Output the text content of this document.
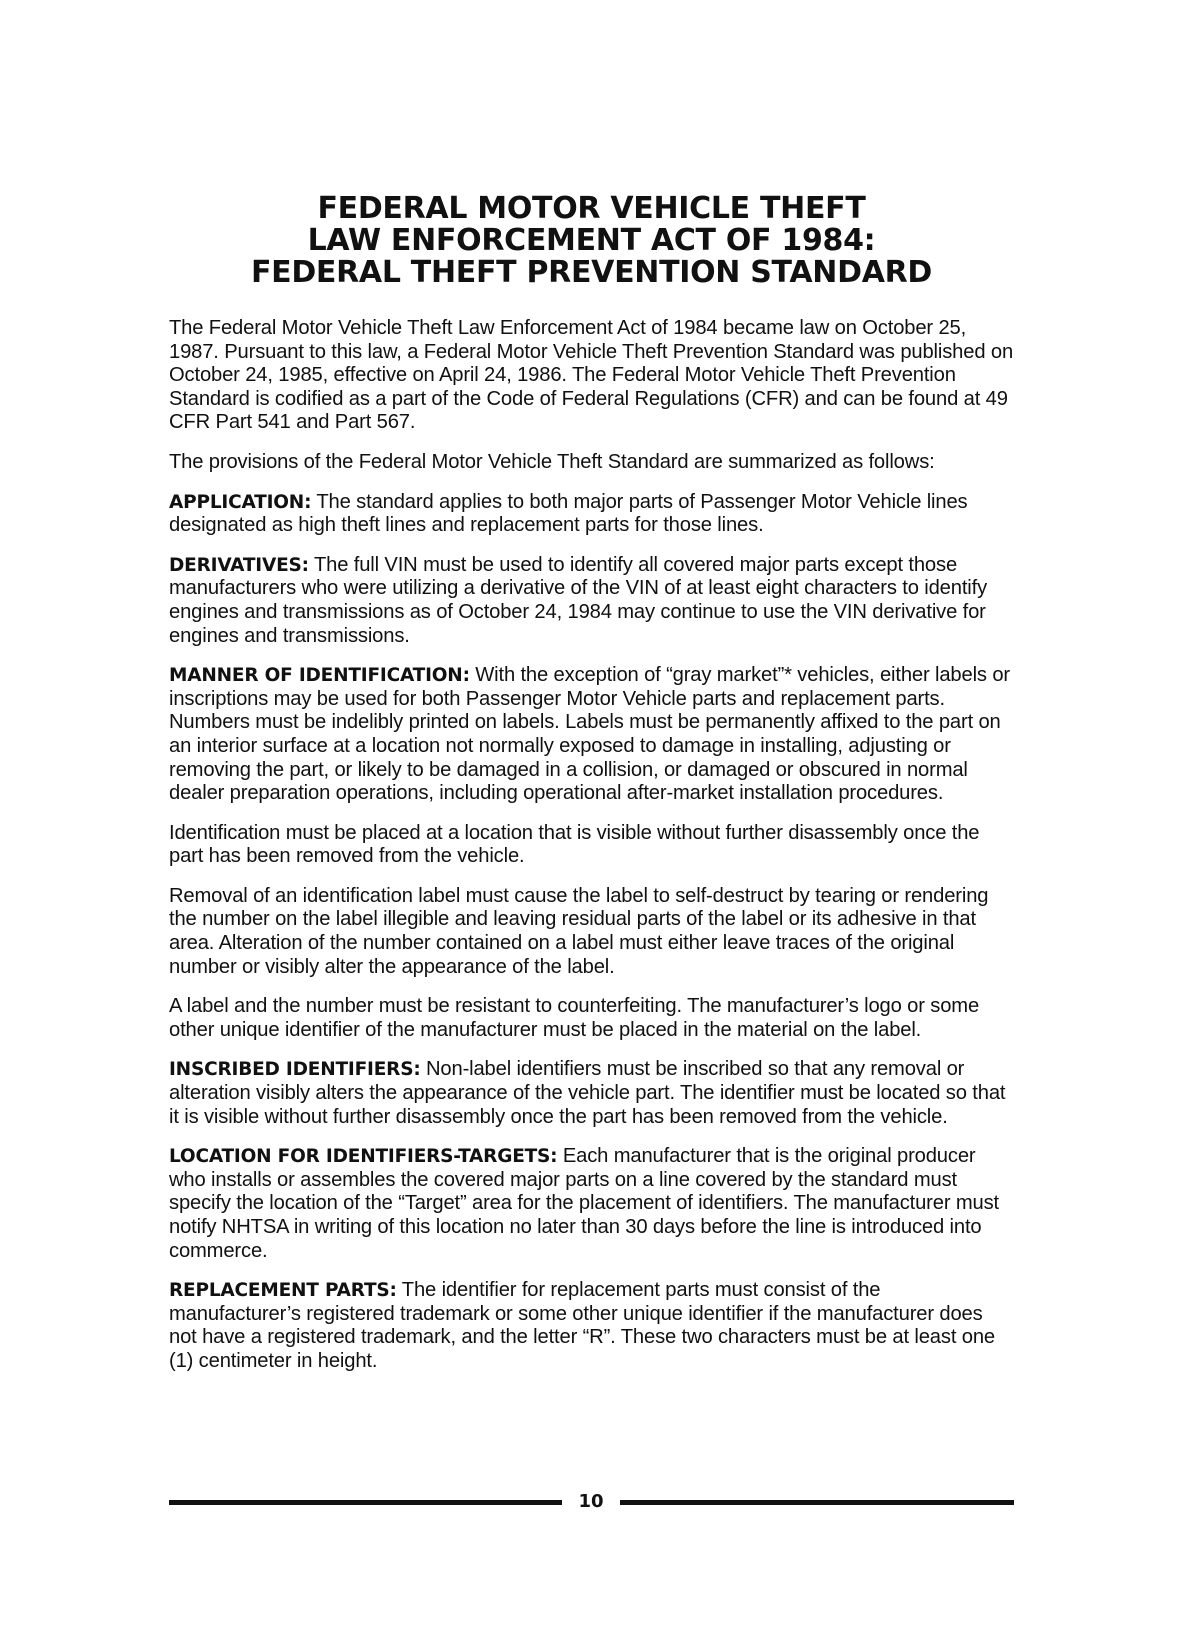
FEDERAL MOTOR VEHICLE THEFT
LAW ENFORCEMENT ACT OF 1984:
FEDERAL THEFT PREVENTION STANDARD

The Federal Motor Vehicle Theft Law Enforcement Act of 1984 became law on October 25, 1987. Pursuant to this law, a Federal Motor Vehicle Theft Prevention Standard was published on October 24, 1985, effective on April 24, 1986. The Federal Motor Vehicle Theft Prevention Standard is codified as a part of the Code of Federal Regulations (CFR) and can be found at 49 CFR Part 541 and Part 567.

The provisions of the Federal Motor Vehicle Theft Standard are summarized as follows:

APPLICATION: The standard applies to both major parts of Passenger Motor Vehicle lines designated as high theft lines and replacement parts for those lines.

DERIVATIVES: The full VIN must be used to identify all covered major parts except those manufacturers who were utilizing a derivative of the VIN of at least eight characters to identify engines and transmissions as of October 24, 1984 may continue to use the VIN derivative for engines and transmissions.

MANNER OF IDENTIFICATION: With the exception of “gray market”* vehicles, either labels or inscriptions may be used for both Passenger Motor Vehicle parts and replacement parts. Numbers must be indelibly printed on labels. Labels must be permanently affixed to the part on an interior surface at a location not normally exposed to damage in installing, adjusting or removing the part, or likely to be damaged in a collision, or damaged or obscured in normal dealer preparation operations, including operational after-market installation procedures.

Identification must be placed at a location that is visible without further disassembly once the part has been removed from the vehicle.

Removal of an identification label must cause the label to self-destruct by tearing or rendering the number on the label illegible and leaving residual parts of the label or its adhesive in that area. Alteration of the number contained on a label must either leave traces of the original number or visibly alter the appearance of the label.

A label and the number must be resistant to counterfeiting. The manufacturer’s logo or some other unique identifier of the manufacturer must be placed in the material on the label.

INSCRIBED IDENTIFIERS: Non-label identifiers must be inscribed so that any removal or alteration visibly alters the appearance of the vehicle part. The identifier must be located so that it is visible without further disassembly once the part has been removed from the vehicle.

LOCATION FOR IDENTIFIERS-TARGETS: Each manufacturer that is the original producer who installs or assembles the covered major parts on a line covered by the standard must specify the location of the “Target” area for the placement of identifiers. The manufacturer must notify NHTSA in writing of this location no later than 30 days before the line is introduced into commerce.

REPLACEMENT PARTS: The identifier for replacement parts must consist of the manufacturer’s registered trademark or some other unique identifier if the manufacturer does not have a registered trademark, and the letter “R”. These two characters must be at least one (1) centimeter in height.

10
